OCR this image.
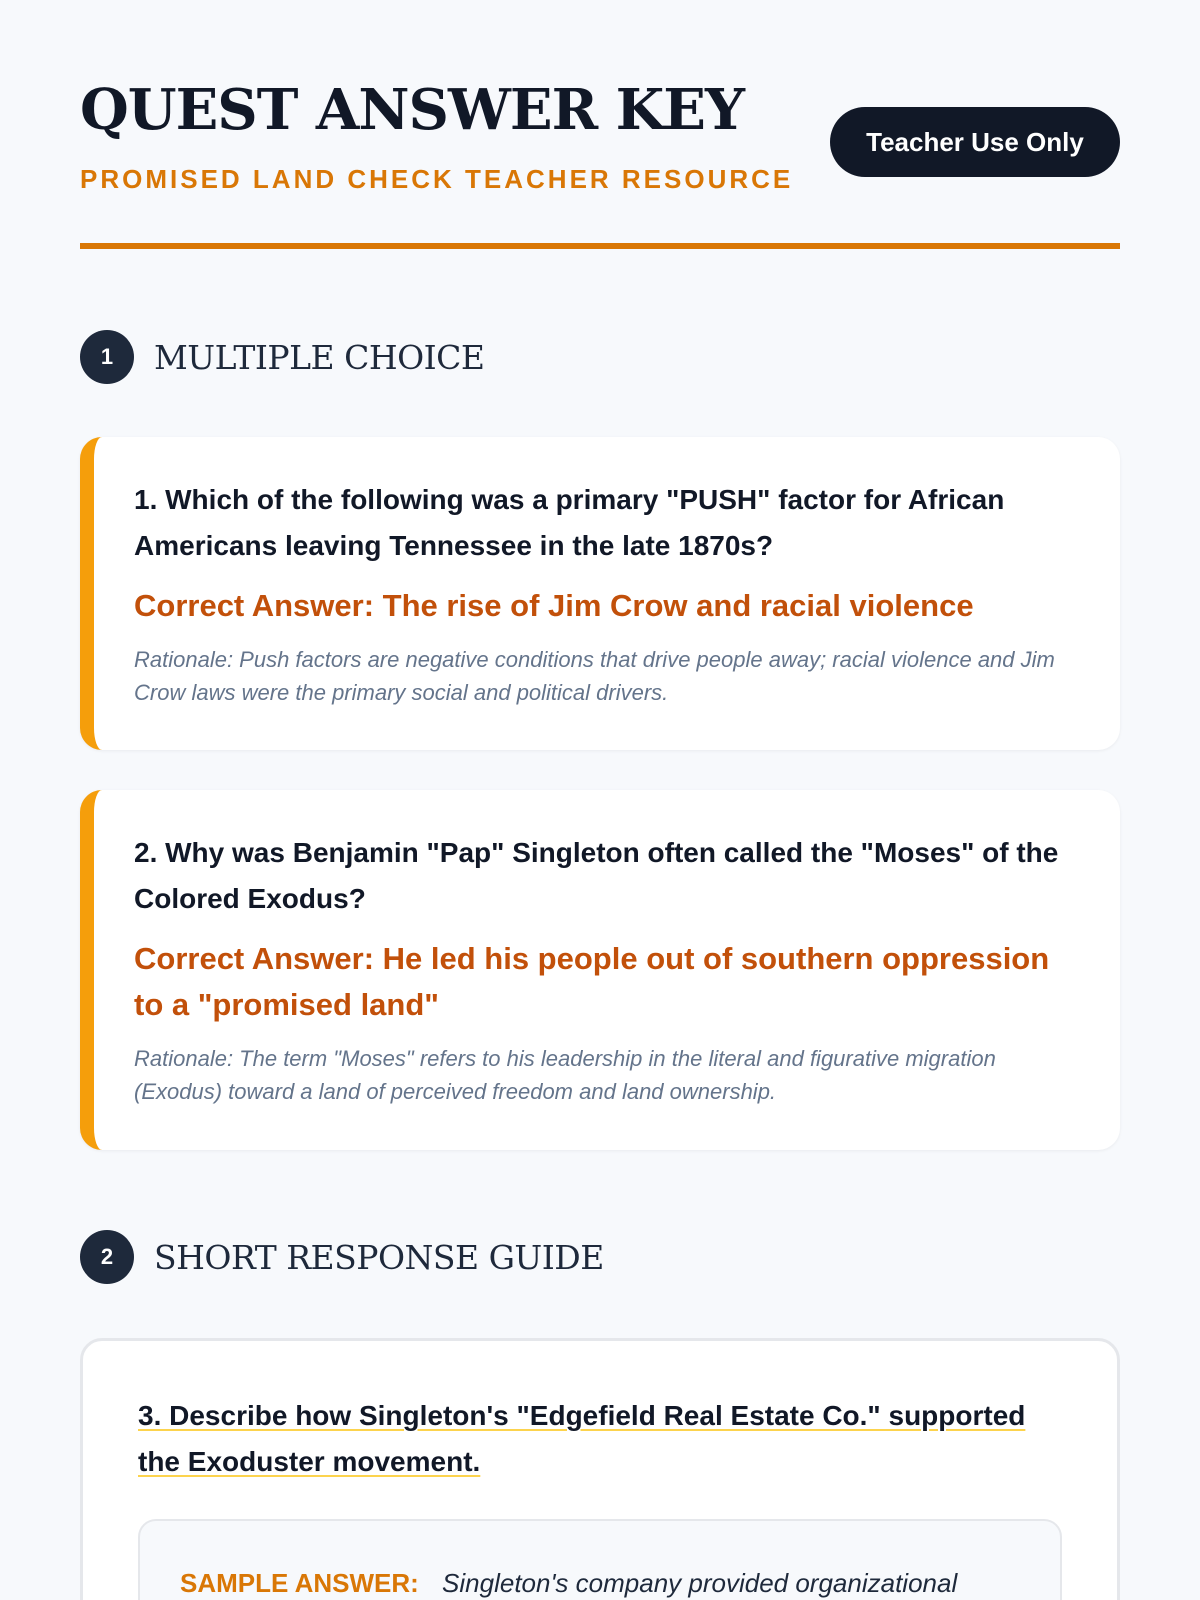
QUEST ANSWER KEY
PROMISED LAND CHECK TEACHER RESOURCE
Teacher Use Only
1	MULTIPLE CHOICE
1. Which of the following was a primary "PUSH" factor for African Americans leaving Tennessee in the late 1870s?
Correct Answer: The rise of Jim Crow and racial violence
Rationale: Push factors are negative conditions that drive people away; racial violence and Jim Crow laws were the primary social and political drivers.
2. Why was Benjamin "Pap" Singleton often called the "Moses" of the Colored Exodus?
Correct Answer: He led his people out of southern oppression to a "promised land"
Rationale: The term "Moses" refers to his leadership in the literal and figurative migration (Exodus) toward a land of perceived freedom and land ownership.
2	SHORT RESPONSE GUIDE
3. Describe how Singleton's "Edgefield Real Estate Co." supported the Exoduster movement.
SAMPLE ANSWER: Singleton's company provided organizational
